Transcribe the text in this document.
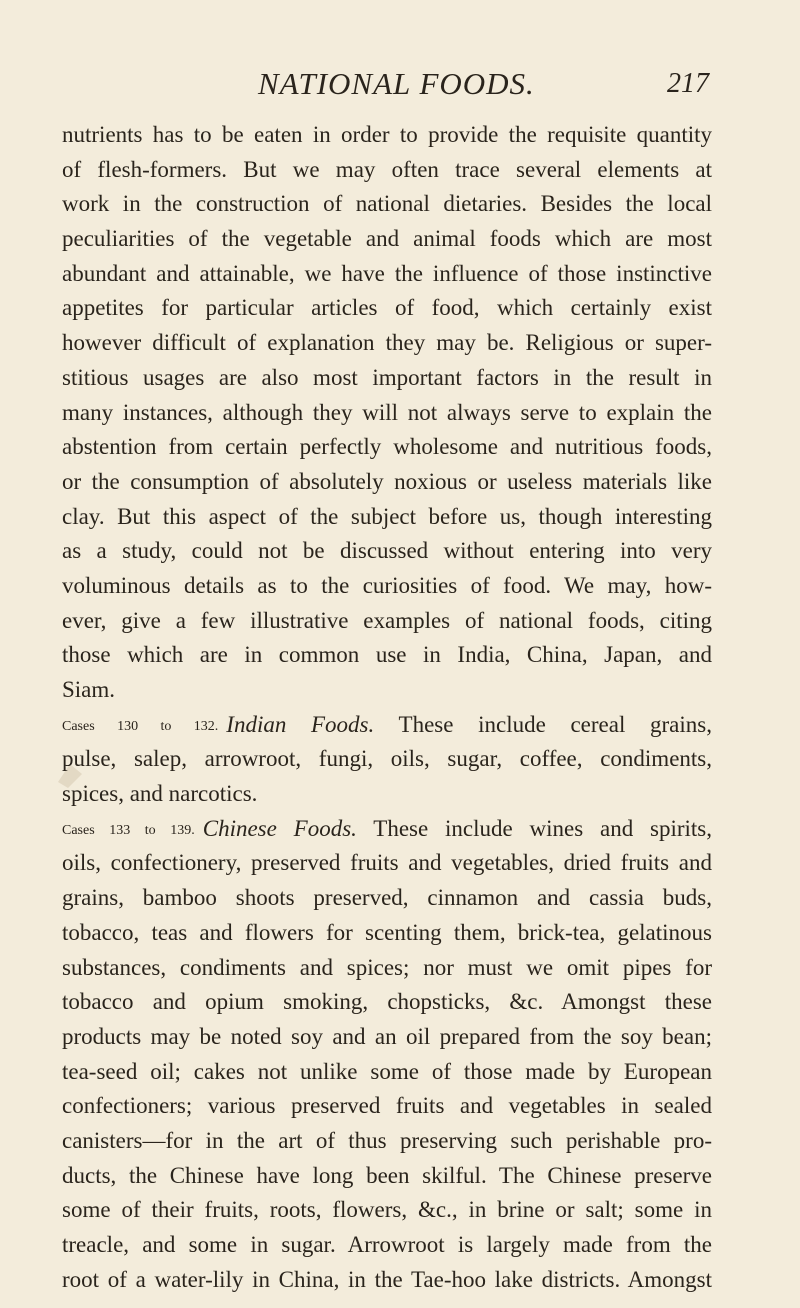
NATIONAL FOODS.	217
nutrients has to be eaten in order to provide the requisite quantity
of flesh-formers. But we may often trace several elements at
work in the construction of national dietaries. Besides the local
peculiarities of the vegetable and animal foods which are most
abundant and attainable, we have the influence of those instinctive
appetites for particular articles of food, which certainly exist
however difficult of explanation they may be. Religious or super-
stitious usages are also most important factors in the result in
many instances, although they will not always serve to explain the
abstention from certain perfectly wholesome and nutritious foods,
or the consumption of absolutely noxious or useless materials like
clay. But this aspect of the subject before us, though interesting
as a study, could not be discussed without entering into very
voluminous details as to the curiosities of food. We may, how-
ever, give a few illustrative examples of national foods, citing
those which are in common use in India, China, Japan, and
Siam.
Cases 130 to 132. Indian Foods. These include cereal grains,
pulse, salep, arrowroot, fungi, oils, sugar, coffee, condiments,
spices, and narcotics.
Cases 133 to 139. Chinese Foods. These include wines and spirits,
oils, confectionery, preserved fruits and vegetables, dried fruits and
grains, bamboo shoots preserved, cinnamon and cassia buds,
tobacco, teas and flowers for scenting them, brick-tea, gelatinous
substances, condiments and spices; nor must we omit pipes for
tobacco and opium smoking, chopsticks, &c. Amongst these
products may be noted soy and an oil prepared from the soy bean;
tea-seed oil; cakes not unlike some of those made by European
confectioners; various preserved fruits and vegetables in sealed
canisters—for in the art of thus preserving such perishable pro-
ducts, the Chinese have long been skilful. The Chinese preserve
some of their fruits, roots, flowers, &c., in brine or salt; some in
treacle, and some in sugar. Arrowroot is largely made from the
root of a water-lily in China, in the Tae-hoo lake districts. Amongst
